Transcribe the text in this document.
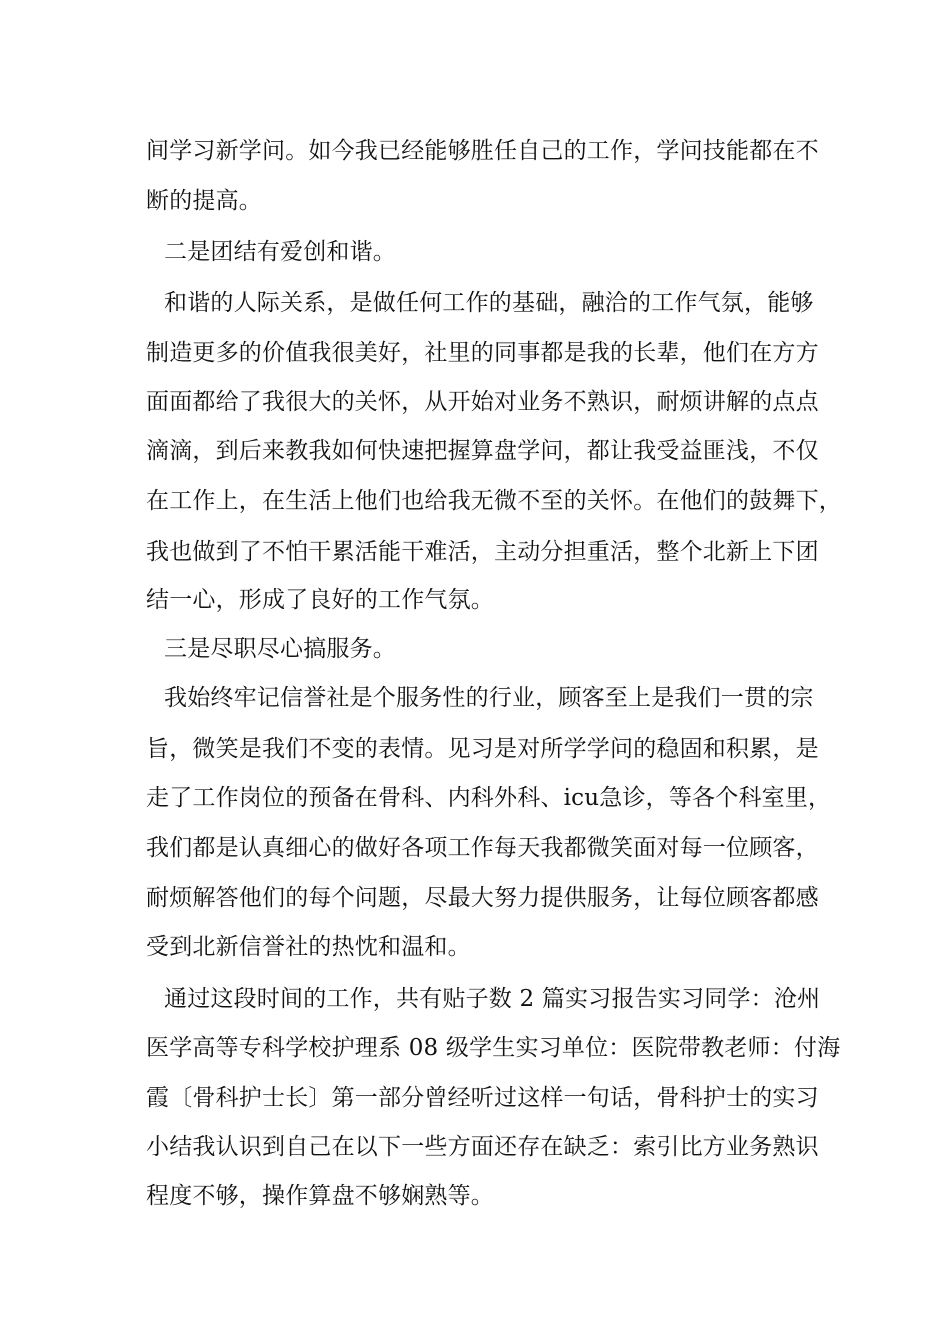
间学习新学问。如今我已经能够胜任自己的工作，学问技能都在不
断的提高。
二是团结有爱创和谐。
和谐的人际关系，是做任何工作的基础，融洽的工作气氛，能够
制造更多的价值我很美好，社里的同事都是我的长辈，他们在方方
面面都给了我很大的关怀，从开始对业务不熟识，耐烦讲解的点点
滴滴，到后来教我如何快速把握算盘学问，都让我受益匪浅，不仅
在工作上，在生活上他们也给我无微不至的关怀。在他们的鼓舞下，
我也做到了不怕干累活能干难活，主动分担重活，整个北新上下团
结一心，形成了良好的工作气氛。
三是尽职尽心搞服务。
我始终牢记信誉社是个服务性的行业，顾客至上是我们一贯的宗
旨，微笑是我们不变的表情。见习是对所学学问的稳固和积累，是
走了工作岗位的预备在骨科、内科外科、icu急诊，等各个科室里，
我们都是认真细心的做好各项工作每天我都微笑面对每一位顾客，
耐烦解答他们的每个问题，尽最大努力提供服务，让每位顾客都感
受到北新信誉社的热忱和温和。
通过这段时间的工作，共有贴子数 2 篇实习报告实习同学：沧州
医学高等专科学校护理系 08 级学生实习单位：医院带教老师：付海
霞〔骨科护士长〕第一部分曾经听过这样一句话，骨科护士的实习
小结我认识到自己在以下一些方面还存在缺乏：索引比方业务熟识
程度不够，操作算盘不够娴熟等。
